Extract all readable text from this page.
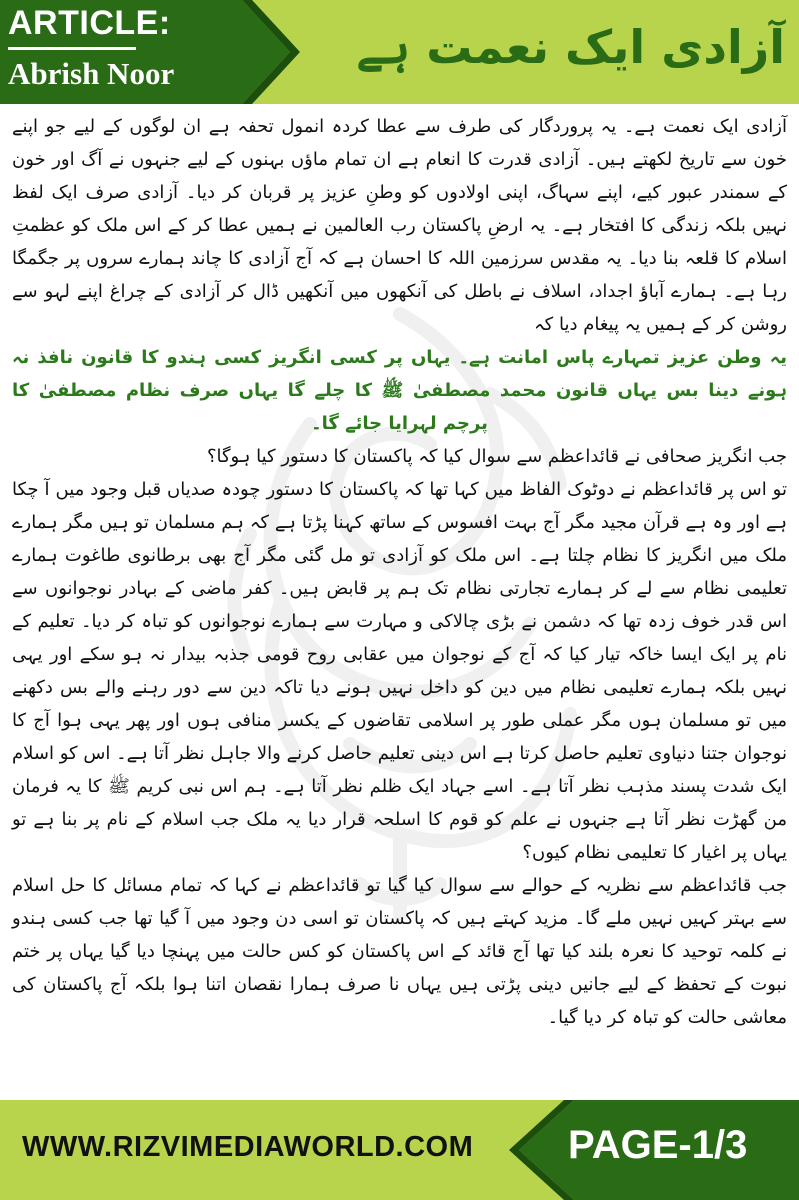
ARTICLE:
Abrish Noor	آزادی ایک نعمت ہے

آزادی ایک نعمت ہے۔ یہ پروردگار کی طرف سے عطا کردہ انمول تحفہ ہے ان لوگوں کے لیے جو اپنے خون سے تاریخ لکھتے ہیں۔ آزادی قدرت کا انعام ہے ان تمام ماؤں بہنوں کے لیے جنہوں نے آگ اور خون کے سمندر عبور کیے، اپنے سہاگ، اپنی اولادوں کو وطنِ عزیز پر قربان کر دیا۔ آزادی صرف ایک لفظ نہیں بلکہ زندگی کا افتخار ہے۔ یہ ارضِ پاکستان رب العالمین نے ہمیں عطا کر کے اس ملک کو عظمتِ اسلام کا قلعہ بنا دیا۔ یہ مقدس سرزمین اللہ کا احسان ہے کہ آج آزادی کا چاند ہمارے سروں پر جگمگا رہا ہے۔ ہمارے آباؤ اجداد، اسلاف نے باطل کی آنکھوں میں آنکھیں ڈال کر آزادی کے چراغ اپنے لہو سے روشن کر کے ہمیں یہ پیغام دیا کہ

یہ وطن عزیز تمہارے پاس امانت ہے۔ یہاں پر کسی انگریز کسی ہندو کا قانون نافذ نہ ہونے دینا بس یہاں قانون محمد مصطفیٰ ﷺ کا چلے گا یہاں صرف نظام مصطفیٰ کا پرچم لہرایا جائے گا۔

جب انگریز صحافی نے قائداعظم سے سوال کیا کہ پاکستان کا دستور کیا ہوگا؟

تو اس پر قائداعظم نے دوٹوک الفاظ میں کہا تھا کہ پاکستان کا دستور چودہ صدیاں قبل وجود میں آ چکا ہے اور وہ ہے قرآن مجید مگر آج بہت افسوس کے ساتھ کہنا پڑتا ہے کہ ہم مسلمان تو ہیں مگر ہمارے ملک میں انگریز کا نظام چلتا ہے۔ اس ملک کو آزادی تو مل گئی مگر آج بھی برطانوی طاغوت ہمارے تعلیمی نظام سے لے کر ہمارے تجارتی نظام تک ہم پر قابض ہیں۔ کفر ماضی کے بہادر نوجوانوں سے اس قدر خوف زدہ تھا کہ دشمن نے بڑی چالاکی و مہارت سے ہمارے نوجوانوں کو تباہ کر دیا۔ تعلیم کے نام پر ایک ایسا خاکہ تیار کیا کہ آج کے نوجوان میں عقابی روح قومی جذبہ بیدار نہ ہو سکے اور یہی نہیں بلکہ ہمارے تعلیمی نظام میں دین کو داخل نہیں ہونے دیا تاکہ دین سے دور رہنے والے بس دکھنے میں تو مسلمان ہوں مگر عملی طور پر اسلامی تقاضوں کے یکسر منافی ہوں اور پھر یہی ہوا آج کا نوجوان جتنا دنیاوی تعلیم حاصل کرتا ہے اس دینی تعلیم حاصل کرنے والا جاہل نظر آتا ہے۔ اس کو اسلام ایک شدت پسند مذہب نظر آتا ہے۔ اسے جہاد ایک ظلم نظر آتا ہے۔ ہم اس نبی کریم ﷺ کا یہ فرمان من گھڑت نظر آتا ہے جنہوں نے علم کو قوم کا اسلحہ قرار دیا یہ ملک جب اسلام کے نام پر بنا ہے تو یہاں پر اغیار کا تعلیمی نظام کیوں؟

جب قائداعظم سے نظریہ کے حوالے سے سوال کیا گیا تو قائداعظم نے کہا کہ تمام مسائل کا حل اسلام سے بہتر کہیں نہیں ملے گا۔ مزید کہتے ہیں کہ پاکستان تو اسی دن وجود میں آ گیا تھا جب کسی ہندو نے کلمہ توحید کا نعرہ بلند کیا تھا آج قائد کے اس پاکستان کو کس حالت میں پہنچا دیا گیا یہاں پر ختم نبوت کے تحفظ کے لیے جانیں دینی پڑتی ہیں یہاں نا صرف ہمارا نقصان اتنا ہوا بلکہ آج پاکستان کی معاشی حالت کو تباہ کر دیا گیا۔

WWW.RIZVIMEDIAWORLD.COM PAGE-1/3
